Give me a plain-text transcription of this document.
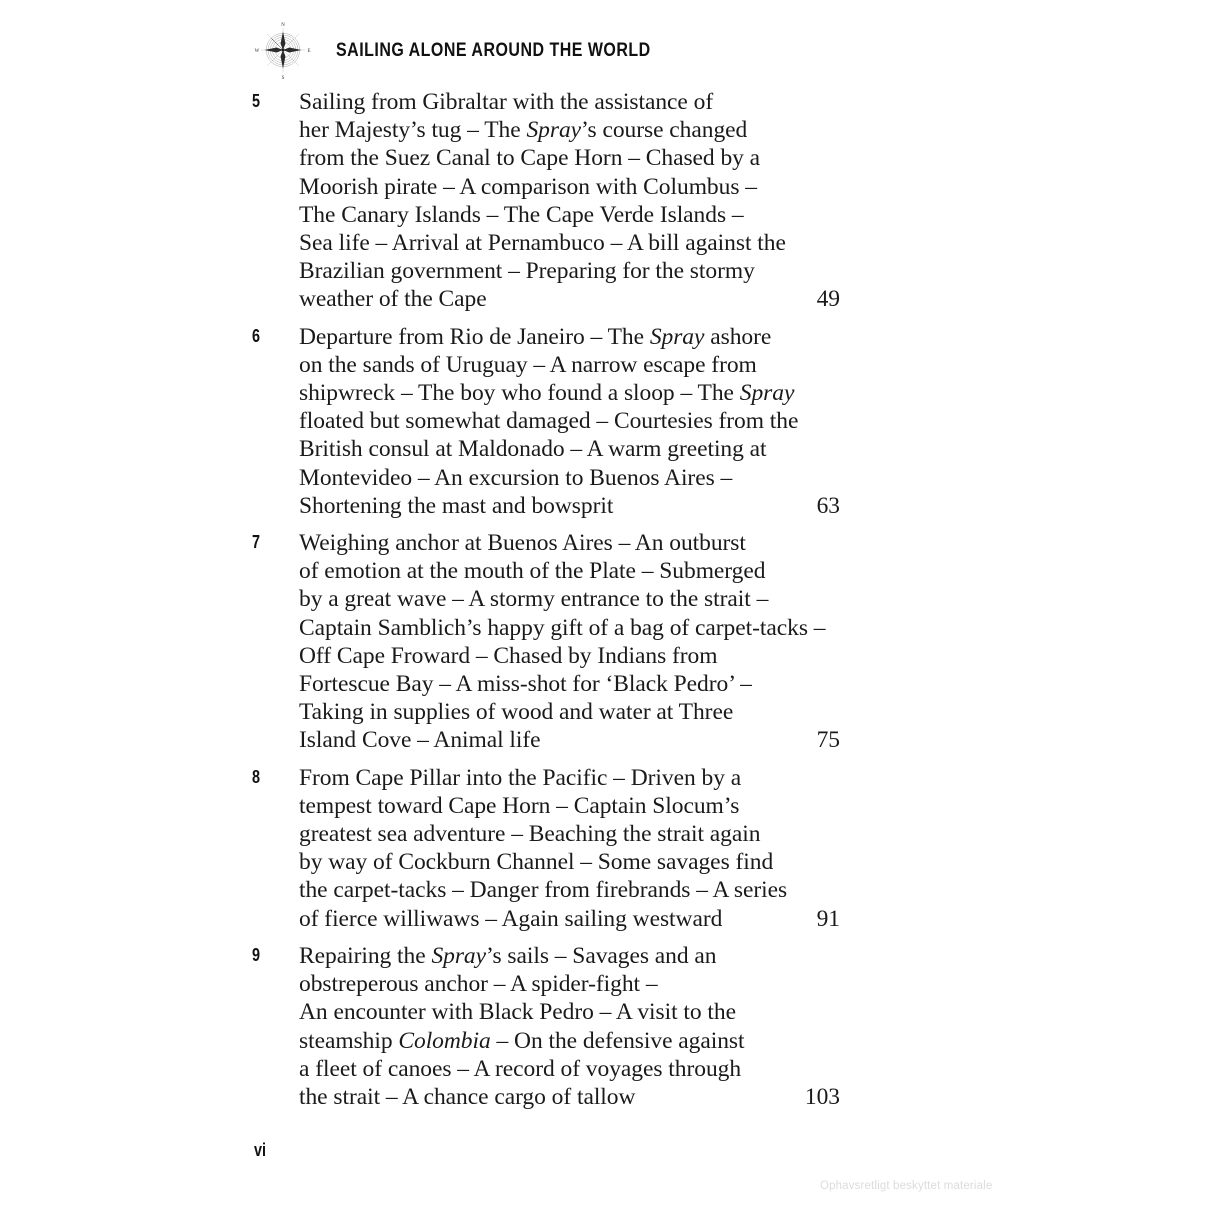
N
E
S
W	SAILING ALONE AROUND THE WORLD
5	Sailing from Gibraltar with the assistance of
her Majesty’s tug – The Spray’s course changed
from the Suez Canal to Cape Horn – Chased by a
Moorish pirate – A comparison with Columbus –
The Canary Islands – The Cape Verde Islands –
Sea life – Arrival at Pernambuco – A bill against the
Brazilian government – Preparing for the stormy
weather of the Cape	49
6	Departure from Rio de Janeiro – The Spray ashore
on the sands of Uruguay – A narrow escape from
shipwreck – The boy who found a sloop – The Spray
floated but somewhat damaged – Courtesies from the
British consul at Maldonado – A warm greeting at
Montevideo – An excursion to Buenos Aires –
Shortening the mast and bowsprit	63
7	Weighing anchor at Buenos Aires – An outburst
of emotion at the mouth of the Plate – Submerged
by a great wave – A stormy entrance to the strait –
Captain Samblich’s happy gift of a bag of carpet-tacks –
Off Cape Froward – Chased by Indians from
Fortescue Bay – A miss-shot for ‘Black Pedro’ –
Taking in supplies of wood and water at Three
Island Cove – Animal life	75
8	From Cape Pillar into the Pacific – Driven by a
tempest toward Cape Horn – Captain Slocum’s
greatest sea adventure – Beaching the strait again
by way of Cockburn Channel – Some savages find
the carpet-tacks – Danger from firebrands – A series
of fierce williwaws – Again sailing westward	91
9	Repairing the Spray’s sails – Savages and an
obstreperous anchor – A spider-fight –
An encounter with Black Pedro – A visit to the
steamship Colombia – On the defensive against
a fleet of canoes – A record of voyages through
the strait – A chance cargo of tallow	103
vi
Ophavsretligt beskyttet materiale
